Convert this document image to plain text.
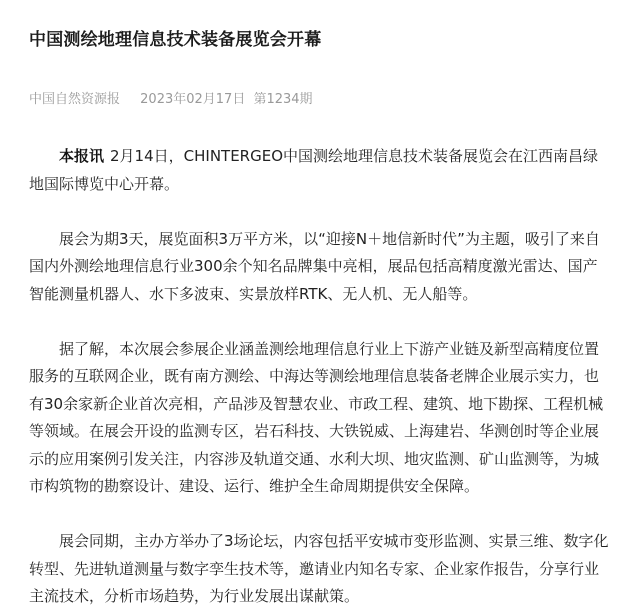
中国测绘地理信息技术装备展览会开幕
中国自然资源报 2023年02月17日 第1234期

本报讯 2月14日，CHINTERGEO中国测绘地理信息技术装备展览会在江西南昌绿地国际博览中心开幕。

展会为期3天，展览面积3万平方米，以“迎接N＋地信新时代”为主题，吸引了来自国内外测绘地理信息行业300余个知名品牌集中亮相，展品包括高精度激光雷达、国产智能测量机器人、水下多波束、实景放样RTK、无人机、无人船等。

据了解，本次展会参展企业涵盖测绘地理信息行业上下游产业链及新型高精度位置服务的互联网企业，既有南方测绘、中海达等测绘地理信息装备老牌企业展示实力，也有30余家新企业首次亮相，产品涉及智慧农业、市政工程、建筑、地下勘探、工程机械等领域。在展会开设的监测专区，岩石科技、大铁锐威、上海建岩、华测创时等企业展示的应用案例引发关注，内容涉及轨道交通、水利大坝、地灾监测、矿山监测等，为城市构筑物的勘察设计、建设、运行、维护全生命周期提供安全保障。

展会同期，主办方举办了3场论坛，内容包括平安城市变形监测、实景三维、数字化转型、先进轨道测量与数字孪生技术等，邀请业内知名专家、企业家作报告，分享行业主流技术，分析市场趋势，为行业发展出谋献策。
